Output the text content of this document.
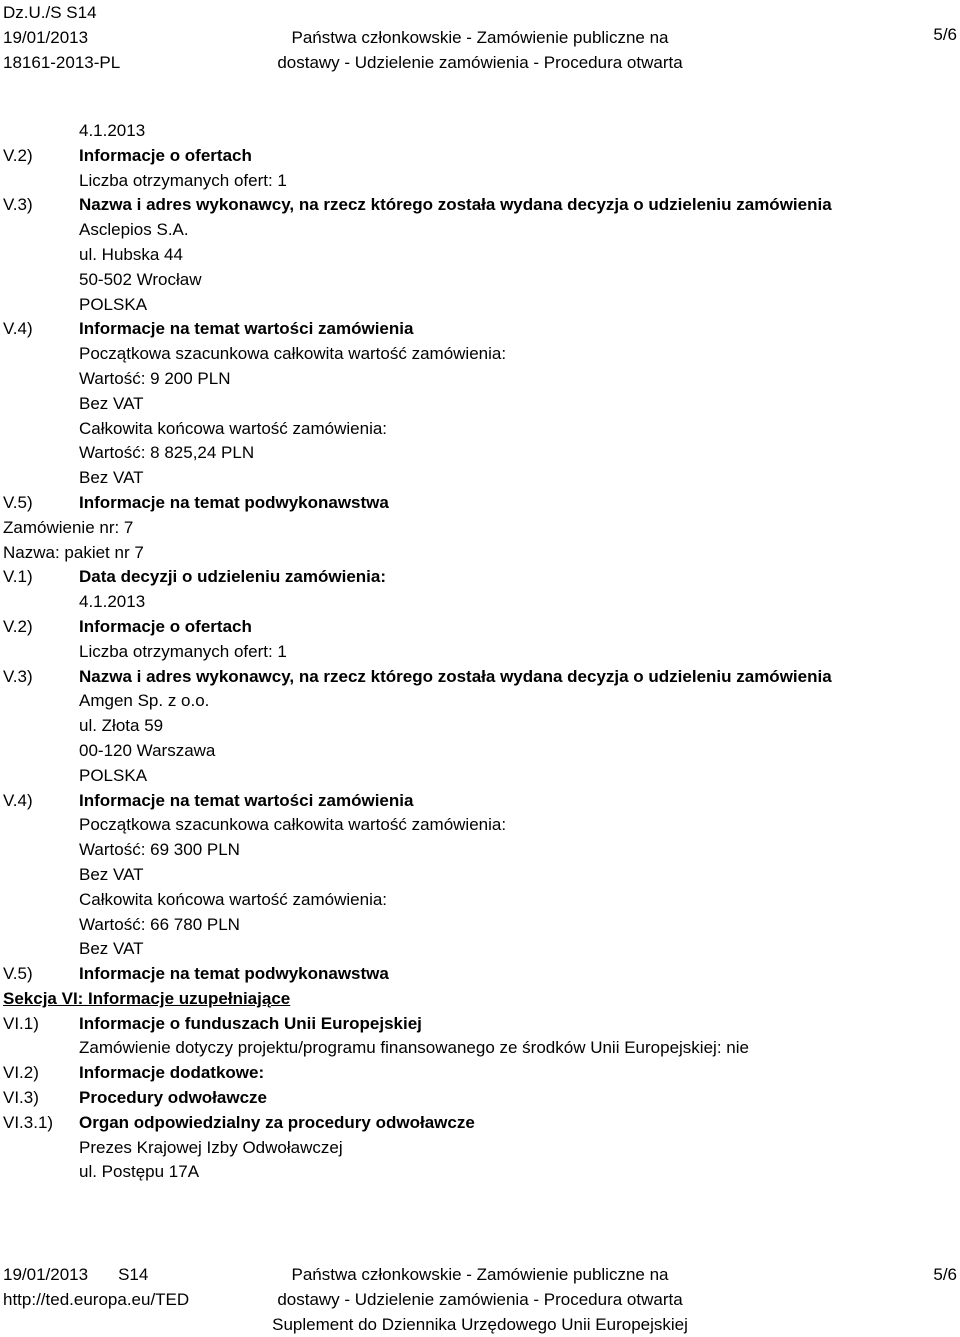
Dz.U./S S14
19/01/2013
18161-2013-PL
Państwa członkowskie - Zamówienie publiczne na
dostawy - Udzielenie zamówienia - Procedura otwarta
5/6
4.1.2013
V.2)	Informacje o ofertach
Liczba otrzymanych ofert: 1
V.3)	Nazwa i adres wykonawcy, na rzecz którego została wydana decyzja o udzieleniu zamówienia
Asclepios S.A.
ul. Hubska 44
50-502 Wrocław
POLSKA
V.4)	Informacje na temat wartości zamówienia
Początkowa szacunkowa całkowita wartość zamówienia:
Wartość: 9 200 PLN
Bez VAT
Całkowita końcowa wartość zamówienia:
Wartość: 8 825,24 PLN
Bez VAT
V.5)	Informacje na temat podwykonawstwa
Zamówienie nr: 7
Nazwa: pakiet nr 7
V.1)	Data decyzji o udzieleniu zamówienia:
4.1.2013
V.2)	Informacje o ofertach
Liczba otrzymanych ofert: 1
V.3)	Nazwa i adres wykonawcy, na rzecz którego została wydana decyzja o udzieleniu zamówienia
Amgen Sp. z o.o.
ul. Złota 59
00-120 Warszawa
POLSKA
V.4)	Informacje na temat wartości zamówienia
Początkowa szacunkowa całkowita wartość zamówienia:
Wartość: 69 300 PLN
Bez VAT
Całkowita końcowa wartość zamówienia:
Wartość: 66 780 PLN
Bez VAT
V.5)	Informacje na temat podwykonawstwa
Sekcja VI: Informacje uzupełniające
VI.1) Informacje o funduszach Unii Europejskiej
Zamówienie dotyczy projektu/programu finansowanego ze środków Unii Europejskiej: nie
VI.2) Informacje dodatkowe:
VI.3) Procedury odwoławcze
VI.3.1) Organ odpowiedzialny za procedury odwoławcze
Prezes Krajowej Izby Odwoławczej
ul. Postępu 17A
19/01/2013 S14
http://ted.europa.eu/TED
Państwa członkowskie - Zamówienie publiczne na
dostawy - Udzielenie zamówienia - Procedura otwarta
Suplement do Dziennika Urzędowego Unii Europejskiej
5/6
